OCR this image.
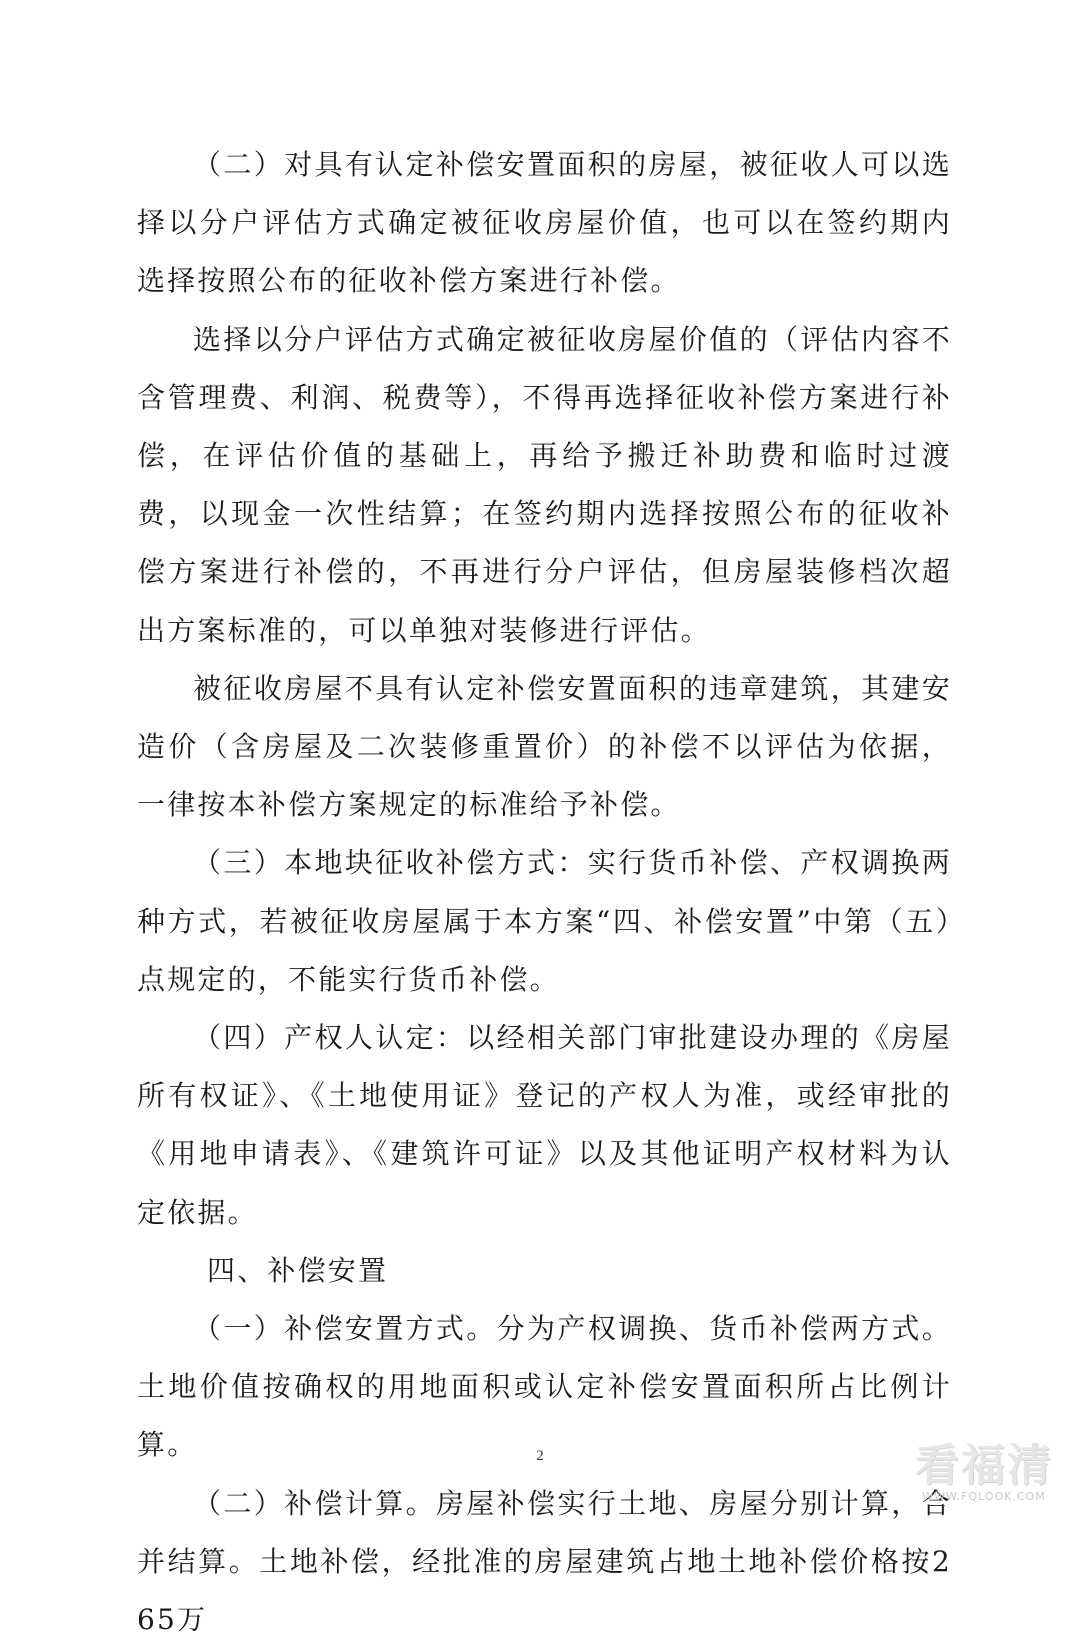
（二）对具有认定补偿安置面积的房屋，被征收人可以选择以分户评估方式确定被征收房屋价值，也可以在签约期内选择按照公布的征收补偿方案进行补偿。

选择以分户评估方式确定被征收房屋价值的（评估内容不含管理费、利润、税费等），不得再选择征收补偿方案进行补偿，在评估价值的基础上，再给予搬迁补助费和临时过渡费，以现金一次性结算；在签约期内选择按照公布的征收补偿方案进行补偿的，不再进行分户评估，但房屋装修档次超出方案标准的，可以单独对装修进行评估。

被征收房屋不具有认定补偿安置面积的违章建筑，其建安造价（含房屋及二次装修重置价）的补偿不以评估为依据，一律按本补偿方案规定的标准给予补偿。

（三）本地块征收补偿方式：实行货币补偿、产权调换两种方式，若被征收房屋属于本方案“四、补偿安置”中第（五）点规定的，不能实行货币补偿。

（四）产权人认定：以经相关部门审批建设办理的《房屋所有权证》、《土地使用证》登记的产权人为准，或经审批的《用地申请表》、《建筑许可证》以及其他证明产权材料为认定依据。

四、补偿安置

（一）补偿安置方式。分为产权调换、货币补偿两方式。土地价值按确权的用地面积或认定补偿安置面积所占比例计算。

（二）补偿计算。房屋补偿实行土地、房屋分别计算，合并结算。土地补偿，经批准的房屋建筑占地土地补偿价格按265万

2	看福清
WWW.FQLOOK.COM
